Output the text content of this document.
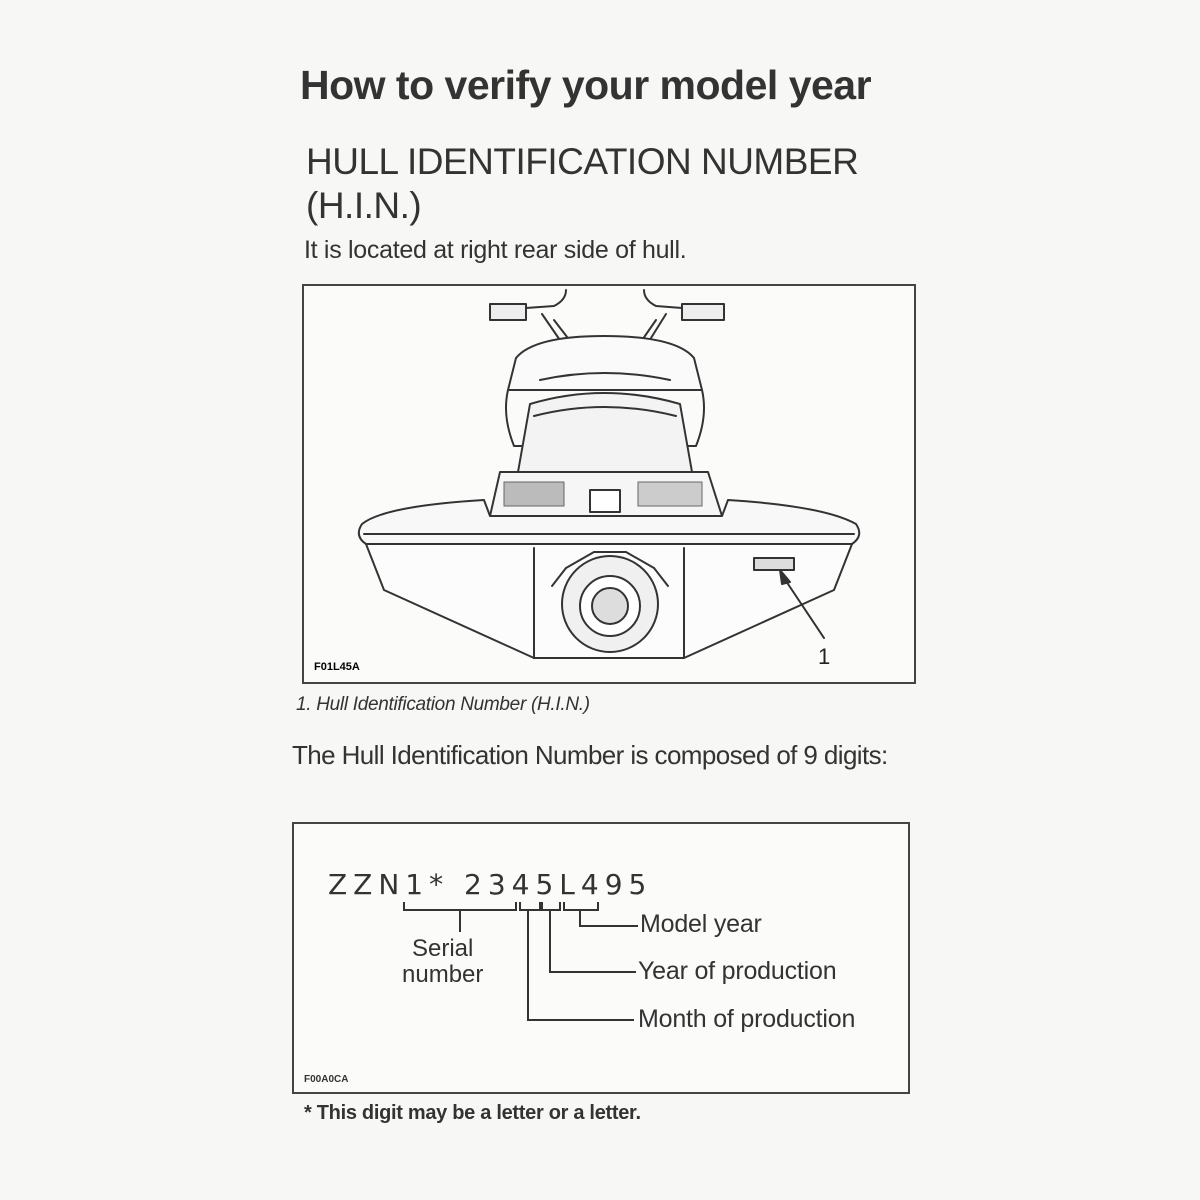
How to verify your model year
HULL IDENTIFICATION NUMBER
(H.I.N.)
It is located at right rear side of hull.
1
F01L45A
1. Hull Identification Number (H.I.N.)
The Hull Identification Number is composed of 9 digits:
ZZN1* 2345L495
F00A0CA
Serial
number
Model year
Year of production
Month of production
* This digit may be a letter or a letter.
